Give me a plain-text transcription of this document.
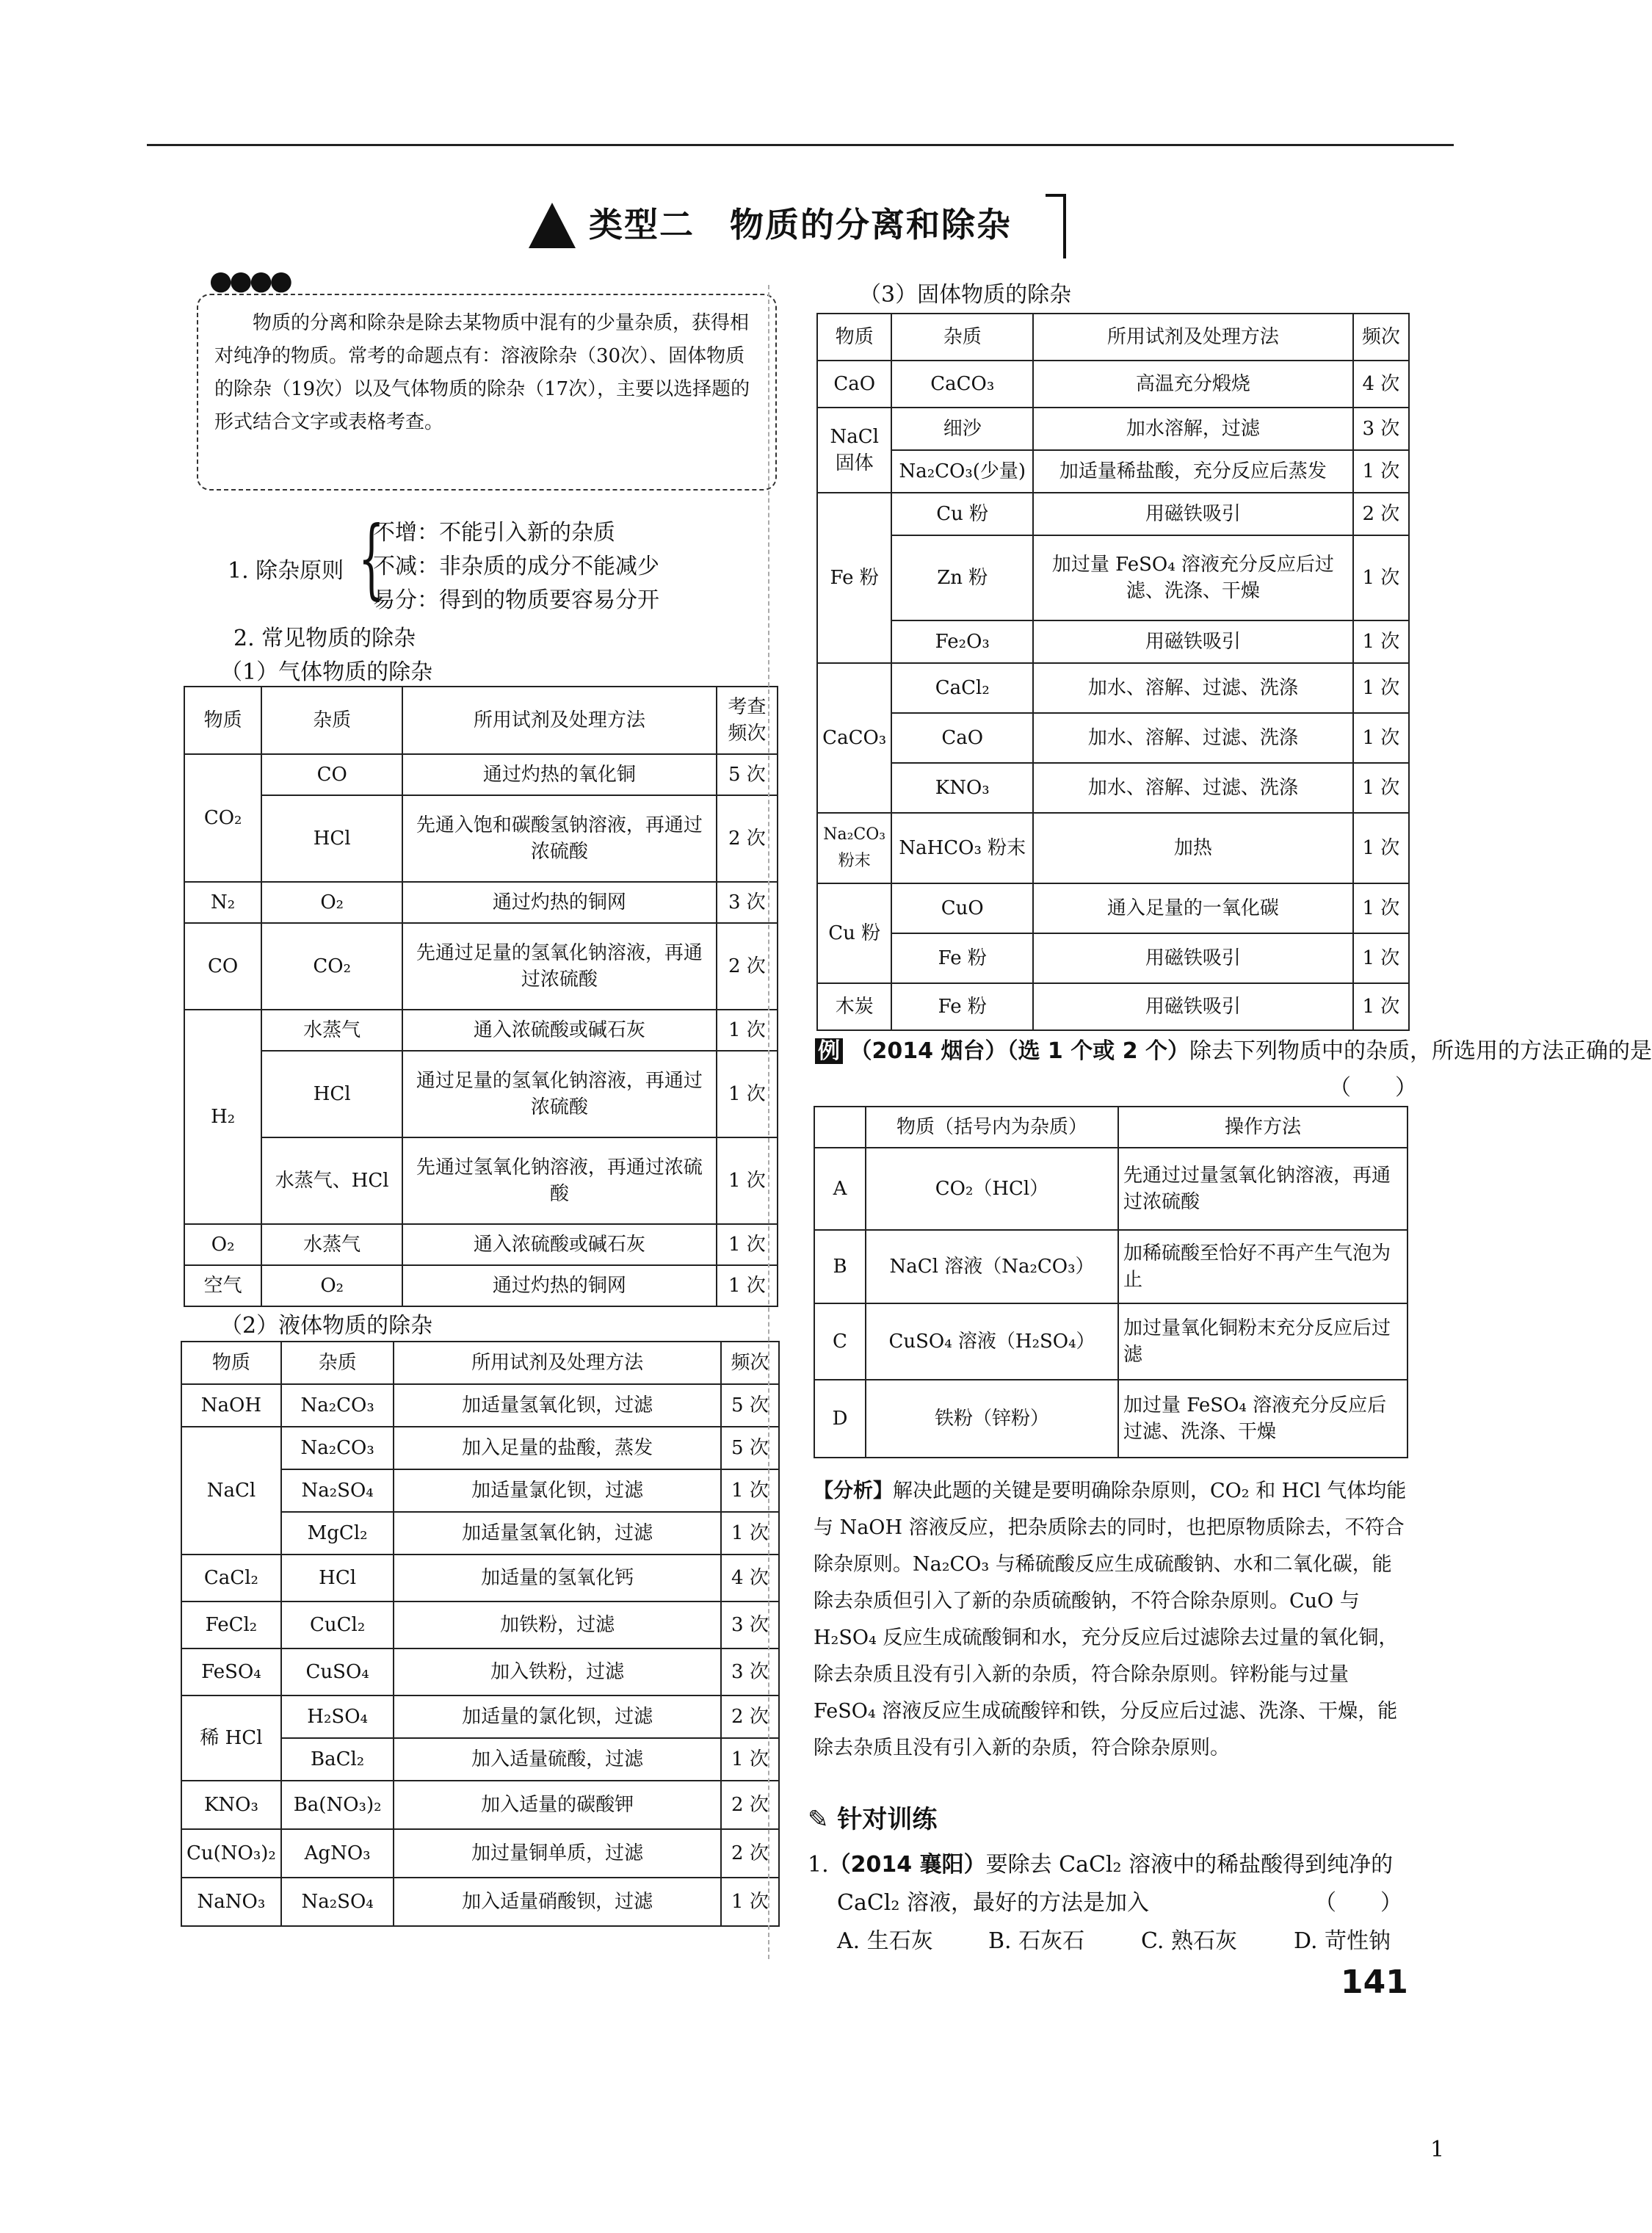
类型二　物质的分离和除杂
●●●●
物质的分离和除杂是除去某物质中混有的少量杂质，获得相对纯净的物质。常考的命题点有：溶液除杂（30次）、固体物质的除杂（19次）以及气体物质的除杂（17次），主要以选择题的形式结合文字或表格考查。
1. 除杂原则 {
不增：不能引入新的杂质
不减：非杂质的成分不能减少
易分：得到的物质要容易分开
2. 常见物质的除杂
（1）气体物质的除杂
物质	杂质	所用试剂及处理方法	考查频次
CO₂	CO	通过灼热的氧化铜	5 次
	HCl	先通入饱和碳酸氢钠溶液，再通过浓硫酸	2 次
N₂	O₂	通过灼热的铜网	3 次
CO	CO₂	先通过足量的氢氧化钠溶液，再通过浓硫酸	2 次
H₂	水蒸气	通入浓硫酸或碱石灰	1 次
	HCl	通过足量的氢氧化钠溶液，再通过浓硫酸	1 次
	水蒸气、HCl	先通过氢氧化钠溶液，再通过浓硫酸	1 次
O₂	水蒸气	通入浓硫酸或碱石灰	1 次
空气	O₂	通过灼热的铜网	1 次
（2）液体物质的除杂
物质	杂质	所用试剂及处理方法	频次
NaOH	Na₂CO₃	加适量氢氧化钡，过滤	5 次
NaCl	Na₂CO₃	加入足量的盐酸，蒸发	5 次
	Na₂SO₄	加适量氯化钡，过滤	1 次
	MgCl₂	加适量氢氧化钠，过滤	1 次
CaCl₂	HCl	加适量的氢氧化钙	4 次
FeCl₂	CuCl₂	加铁粉，过滤	3 次
FeSO₄	CuSO₄	加入铁粉，过滤	3 次
稀 HCl	H₂SO₄	加适量的氯化钡，过滤	2 次
	BaCl₂	加入适量硫酸，过滤	1 次
KNO₃	Ba(NO₃)₂	加入适量的碳酸钾	2 次
Cu(NO₃)₂	AgNO₃	加过量铜单质，过滤	2 次
NaNO₃	Na₂SO₄	加入适量硝酸钡，过滤	1 次
（3）固体物质的除杂
物质	杂质	所用试剂及处理方法	频次
CaO	CaCO₃	高温充分煅烧	4 次
NaCl固体	细沙	加水溶解，过滤	3 次
	Na₂CO₃(少量)	加适量稀盐酸，充分反应后蒸发	1 次
Fe 粉	Cu 粉	用磁铁吸引	2 次
	Zn 粉	加过量 FeSO₄ 溶液充分反应后过滤、洗涤、干燥	1 次
	Fe₂O₃	用磁铁吸引	1 次
CaCO₃	CaCl₂	加水、溶解、过滤、洗涤	1 次
	CaO	加水、溶解、过滤、洗涤	1 次
	KNO₃	加水、溶解、过滤、洗涤	1 次
Na₂CO₃粉末	NaHCO₃ 粉末	加热	1 次
Cu 粉	CuO	通入足量的一氧化碳	1 次
	Fe 粉	用磁铁吸引	1 次
木炭	Fe 粉	用磁铁吸引	1 次
例 （2014 烟台）（选 1 个或 2 个）除去下列物质中的杂质，所选用的方法正确的是
（　　）
	物质（括号内为杂质）	操作方法
A	CO₂（HCl）	先通过过量氢氧化钠溶液，再通过浓硫酸
B	NaCl 溶液（Na₂CO₃）	加稀硫酸至恰好不再产生气泡为止
C	CuSO₄ 溶液（H₂SO₄）	加过量氧化铜粉末充分反应后过滤
D	铁粉（锌粉）	加过量 FeSO₄ 溶液充分反应后过滤、洗涤、干燥
【分析】解决此题的关键是要明确除杂原则，CO₂ 和 HCl 气体均能与 NaOH 溶液反应，把杂质除去的同时，也把原物质除去，不符合除杂原则。Na₂CO₃ 与稀硫酸反应生成硫酸钠、水和二氧化碳，能除去杂质但引入了新的杂质硫酸钠，不符合除杂原则。CuO 与 H₂SO₄ 反应生成硫酸铜和水，充分反应后过滤除去过量的氧化铜，除去杂质且没有引入新的杂质，符合除杂原则。锌粉能与过量 FeSO₄ 溶液反应生成硫酸锌和铁，分反应后过滤、洗涤、干燥，能除去杂质且没有引入新的杂质，符合除杂原则。
✎ 针对训练
1.（2014 襄阳）要除去 CaCl₂ 溶液中的稀盐酸得到纯净的
CaCl₂ 溶液，最好的方法是加入	（　　）
A. 生石灰	B. 石灰石	C. 熟石灰	D. 苛性钠
141
1
